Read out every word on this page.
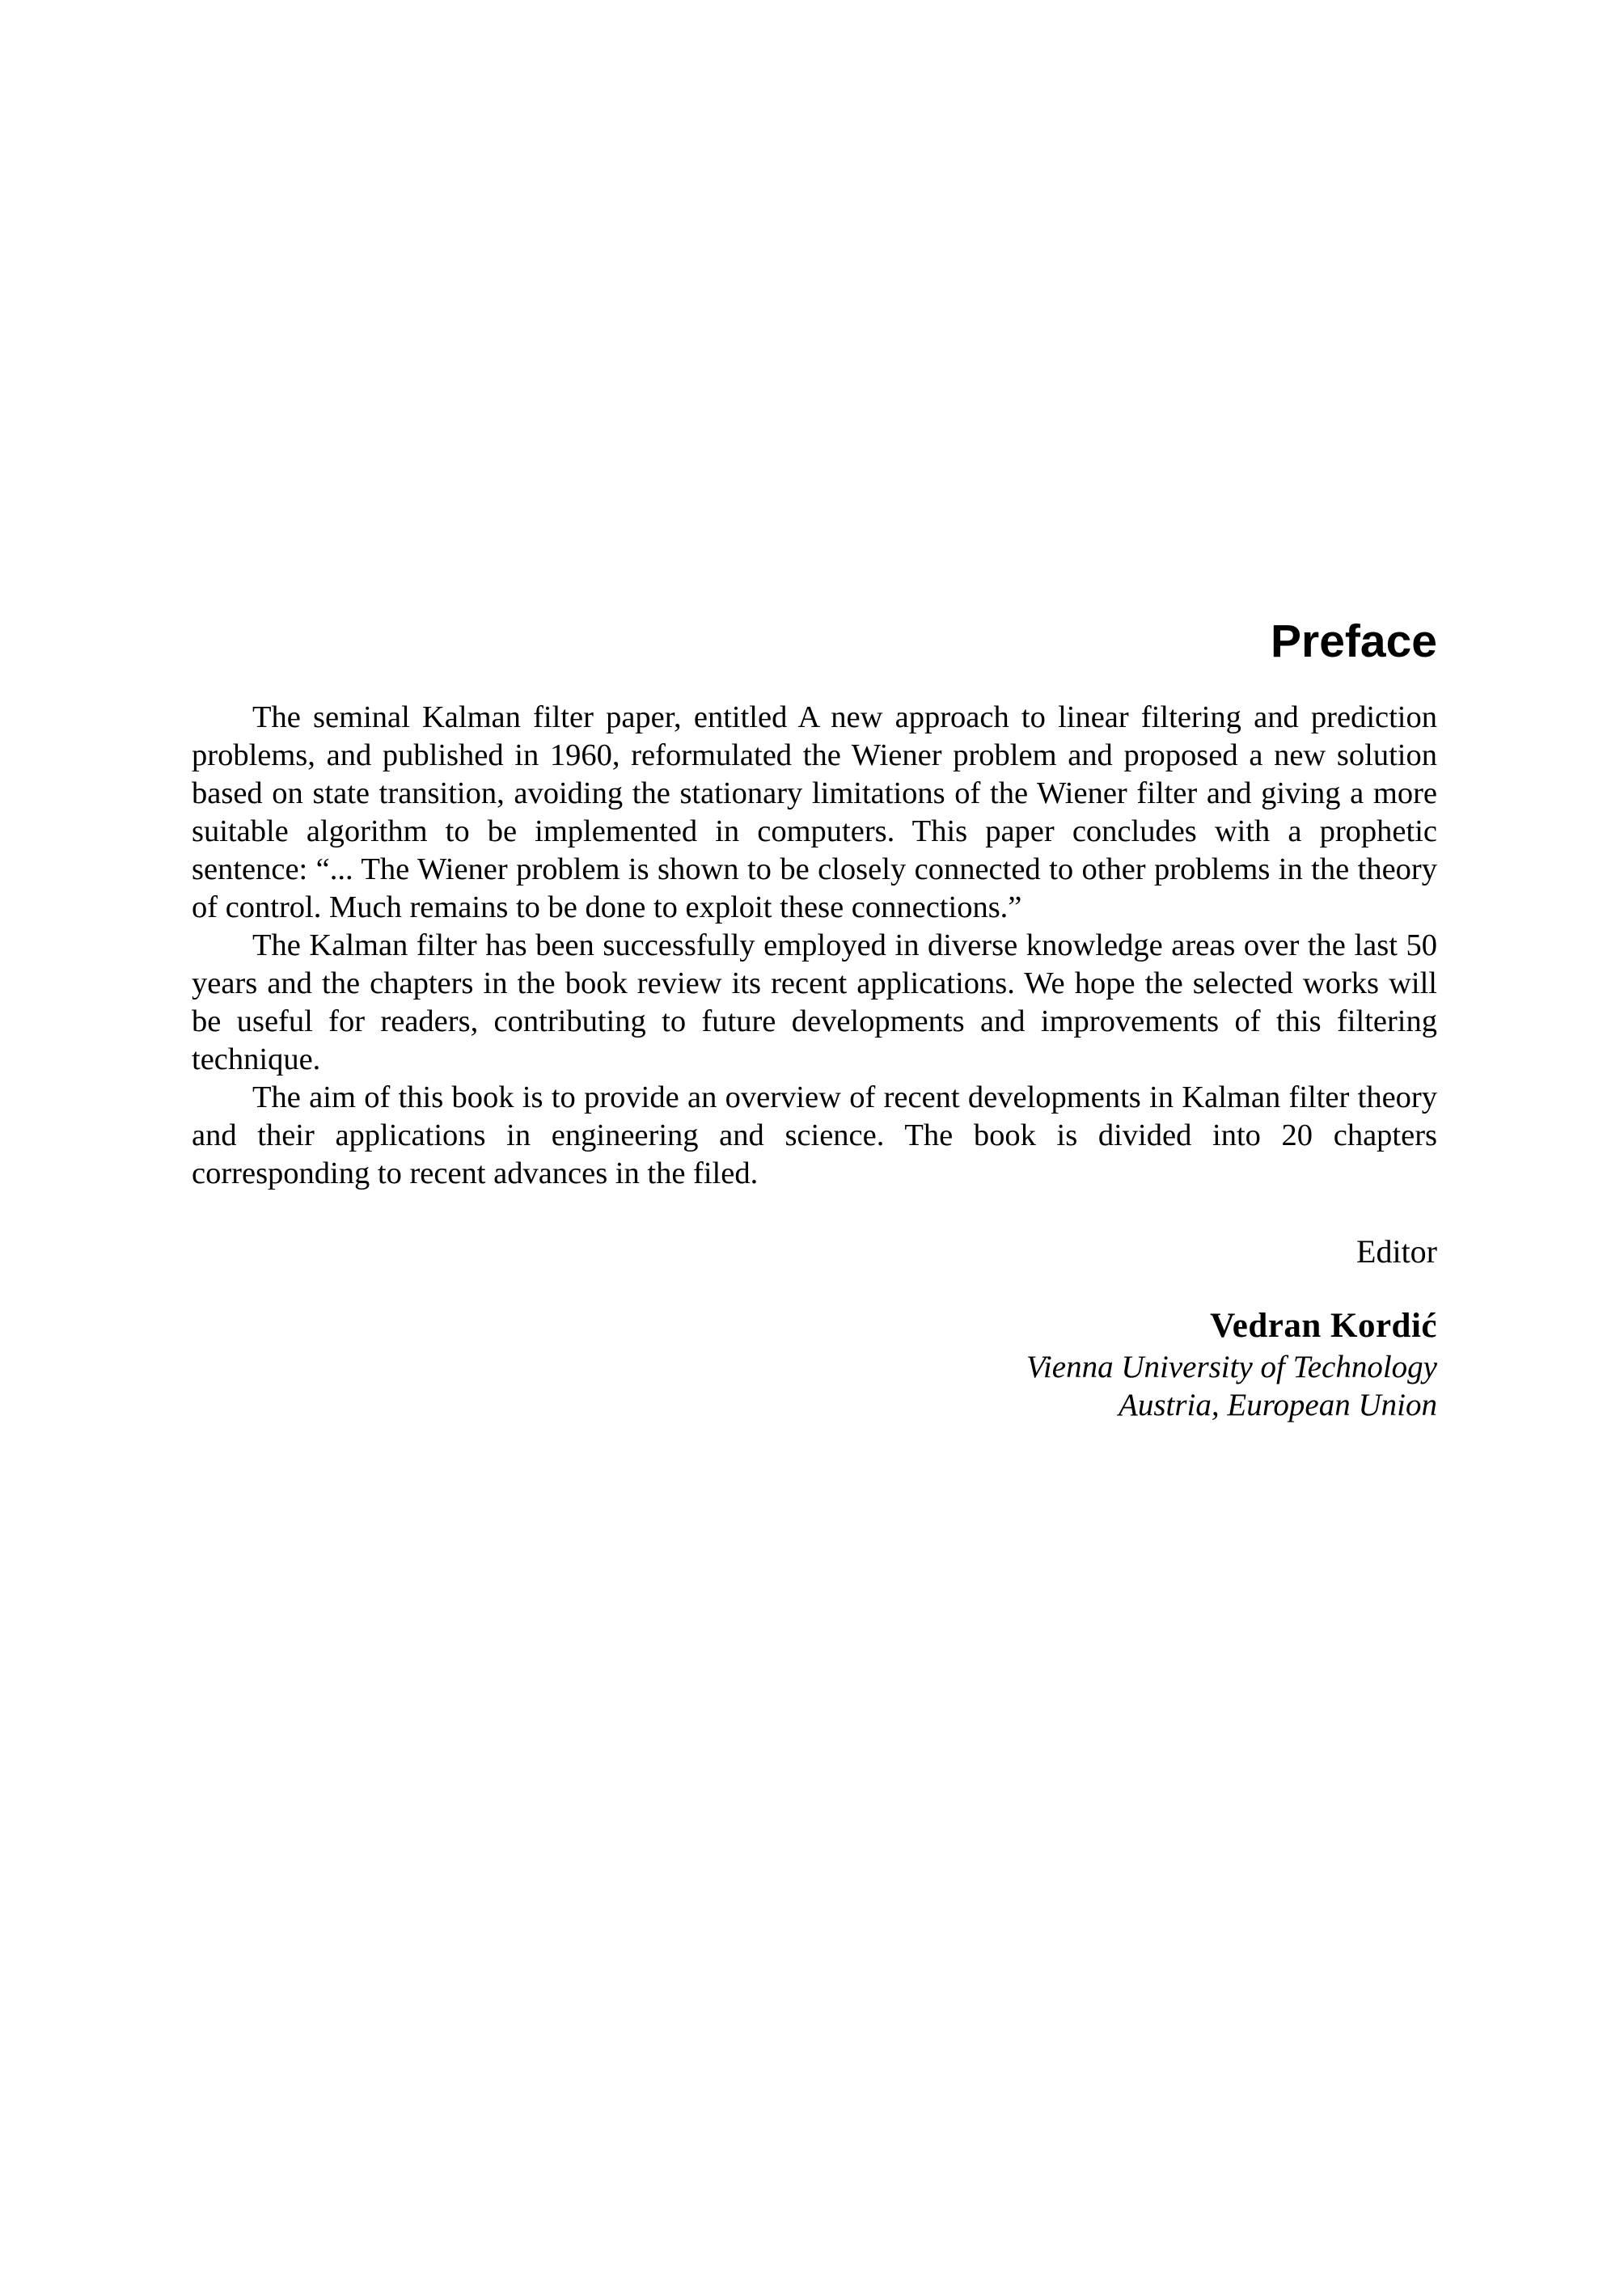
Preface

The seminal Kalman filter paper, entitled A new approach to linear filtering and prediction problems, and published in 1960, reformulated the Wiener problem and proposed a new solution based on state transition, avoiding the stationary limitations of the Wiener filter and giving a more suitable algorithm to be implemented in computers. This paper concludes with a prophetic sentence: “... The Wiener problem is shown to be closely connected to other problems in the theory of control. Much remains to be done to exploit these connections.”

The Kalman filter has been successfully employed in diverse knowledge areas over the last 50 years and the chapters in the book review its recent applications. We hope the selected works will be useful for readers, contributing to future developments and improvements of this filtering technique.

The aim of this book is to provide an overview of recent developments in Kalman filter theory and their applications in engineering and science. The book is divided into 20 chapters corresponding to recent advances in the filed.

Editor

Vedran Kordić

Vienna University of Technology

Austria, European Union
